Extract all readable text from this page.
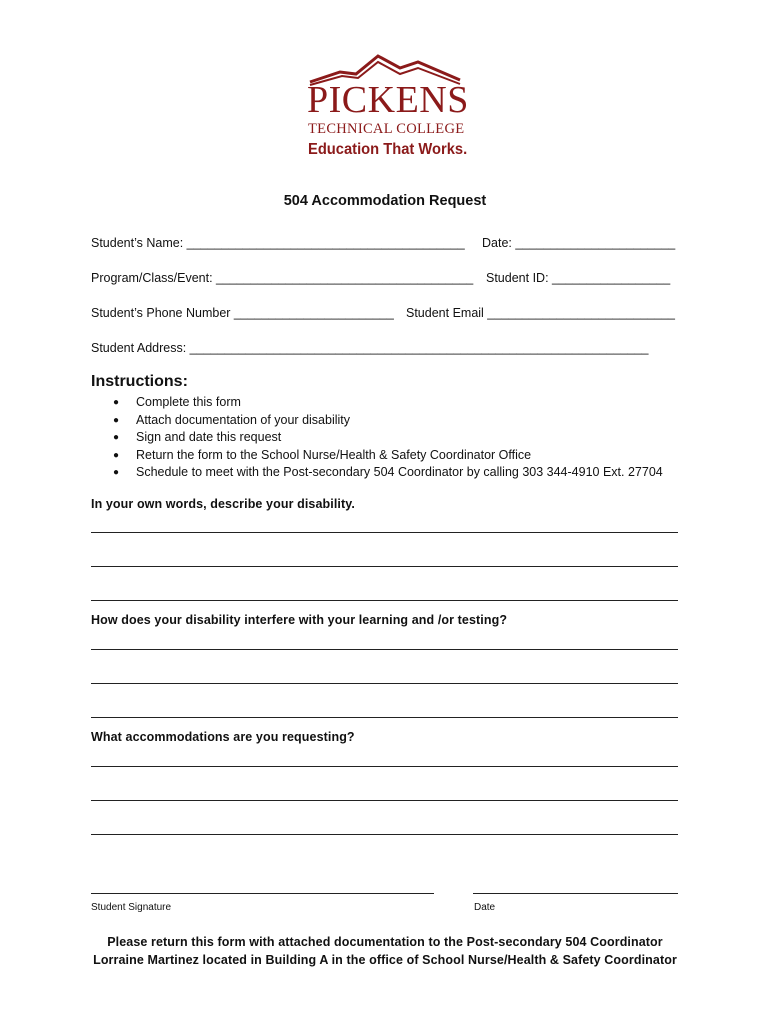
PICKENS
TECHNICAL COLLEGE
Education That Works.
504 Accommodation Request
Student’s Name: ________________________________________ Date: _______________________
Program/Class/Event: _____________________________________ Student ID: _________________
Student’s Phone Number _______________________ Student Email ___________________________
Student Address: __________________________________________________________________
Instructions:
● Complete this form
● Attach documentation of your disability
● Sign and date this request
● Return the form to the School Nurse/Health & Safety Coordinator Office
● Schedule to meet with the Post-secondary 504 Coordinator by calling 303 344-4910 Ext. 27704
In your own words, describe your disability.
How does your disability interfere with your learning and /or testing?
What accommodations are you requesting?
Student Signature	Date
Please return this form with attached documentation to the Post-secondary 504 Coordinator
Lorraine Martinez located in Building A in the office of School Nurse/Health & Safety Coordinator
